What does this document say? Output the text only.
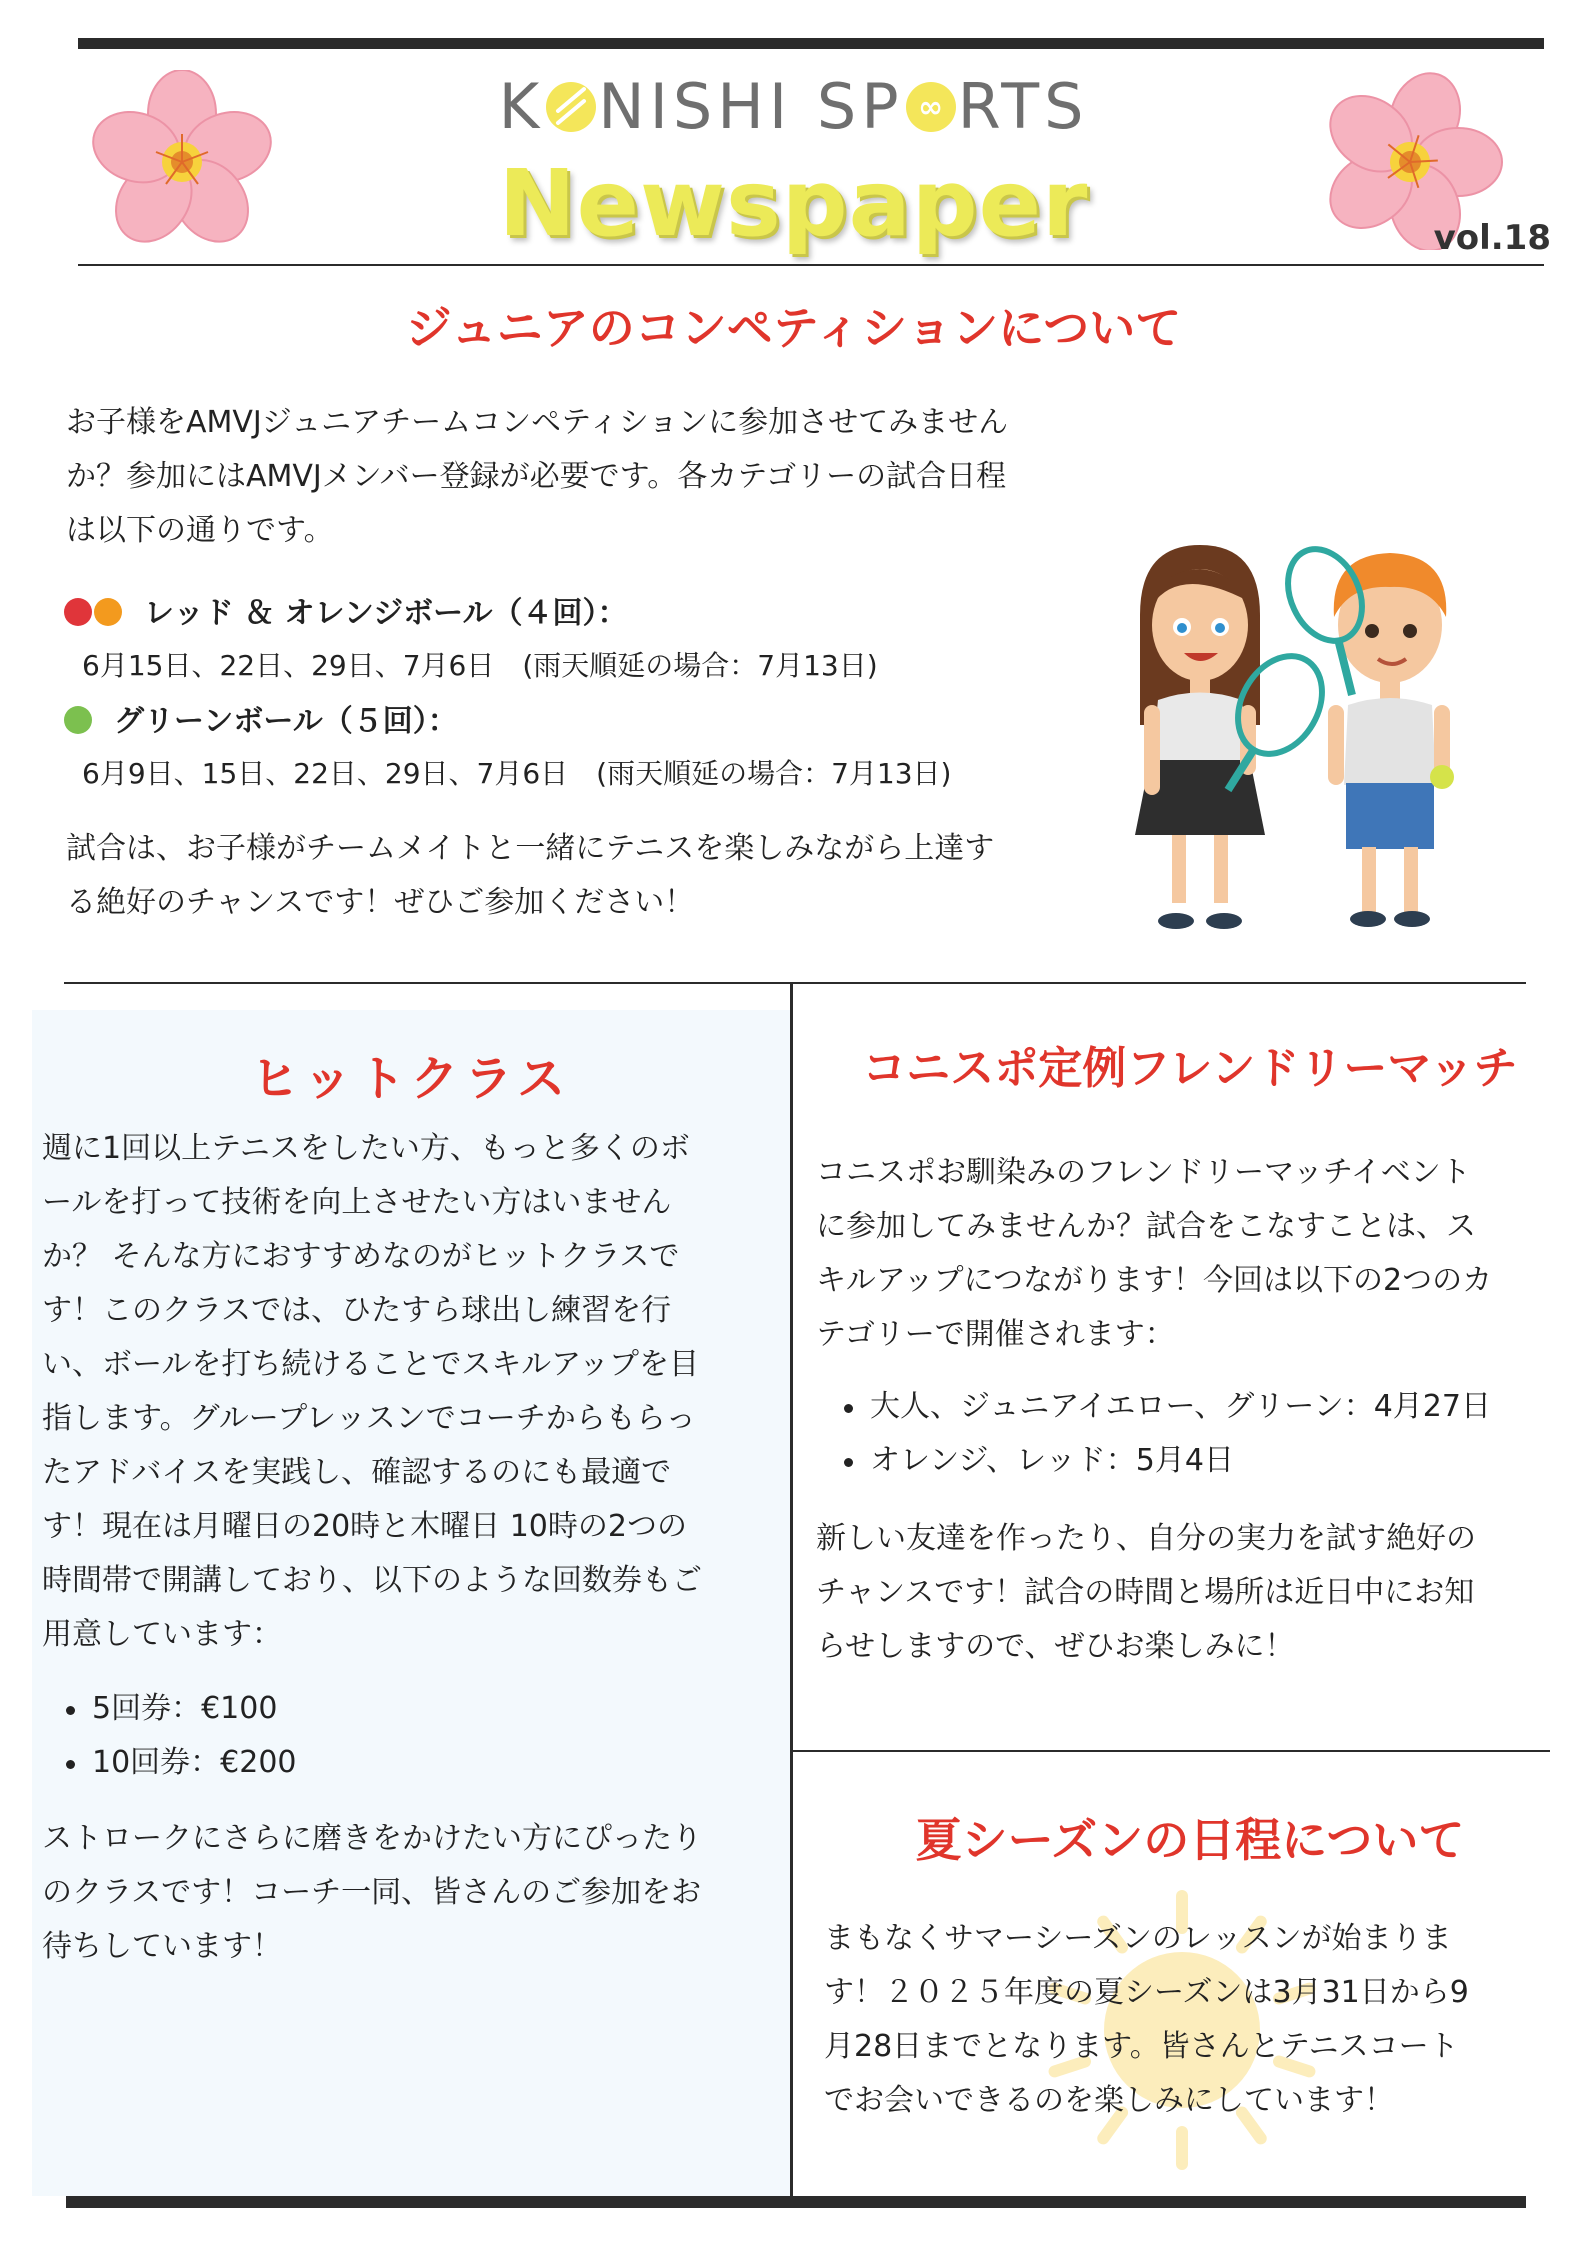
K NISHI SP ∞ RTS
Newspaper	vol.18
ジュニアのコンペティションについて
お子様をAMVJジュニアチームコンペティションに参加させてみません
か？参加にはAMVJメンバー登録が必要です。各カテゴリーの試合日程
は以下の通りです。
レッド ＆ オレンジボール（４回）：
6月15日、22日、29日、7月6日　(雨天順延の場合：7月13日)
グリーンボール（５回）：
6月9日、15日、22日、29日、7月6日　(雨天順延の場合：7月13日)
試合は、お子様がチームメイトと一緒にテニスを楽しみながら上達す
る絶好のチャンスです！ぜひご参加ください！
ヒットクラス
週に1回以上テニスをしたい方、もっと多くのボ
ールを打って技術を向上させたい方はいません
か？ そんな方におすすめなのがヒットクラスで
す！このクラスでは、ひたすら球出し練習を行
い、ボールを打ち続けることでスキルアップを目
指します。グループレッスンでコーチからもらっ
たアドバイスを実践し、確認するのにも最適で
す！現在は月曜日の20時と木曜日 10時の2つの
時間帯で開講しており、以下のような回数券もご
用意しています：
5回券：€100
10回券：€200
ストロークにさらに磨きをかけたい方にぴったり
のクラスです！コーチ一同、皆さんのご参加をお
待ちしています！
コニスポ定例フレンドリーマッチ
コニスポお馴染みのフレンドリーマッチイベント
に参加してみませんか？試合をこなすことは、ス
キルアップにつながります！今回は以下の2つのカ
テゴリーで開催されます：
大人、ジュニアイエロー、グリーン：4月27日
オレンジ、レッド：5月4日
新しい友達を作ったり、自分の実力を試す絶好の
チャンスです！試合の時間と場所は近日中にお知
らせしますので、ぜひお楽しみに！
夏シーズンの日程について
まもなくサマーシーズンのレッスンが始まりま
す！２０２５年度の夏シーズンは3月31日から9
月28日までとなります。皆さんとテニスコート
でお会いできるのを楽しみにしています！
